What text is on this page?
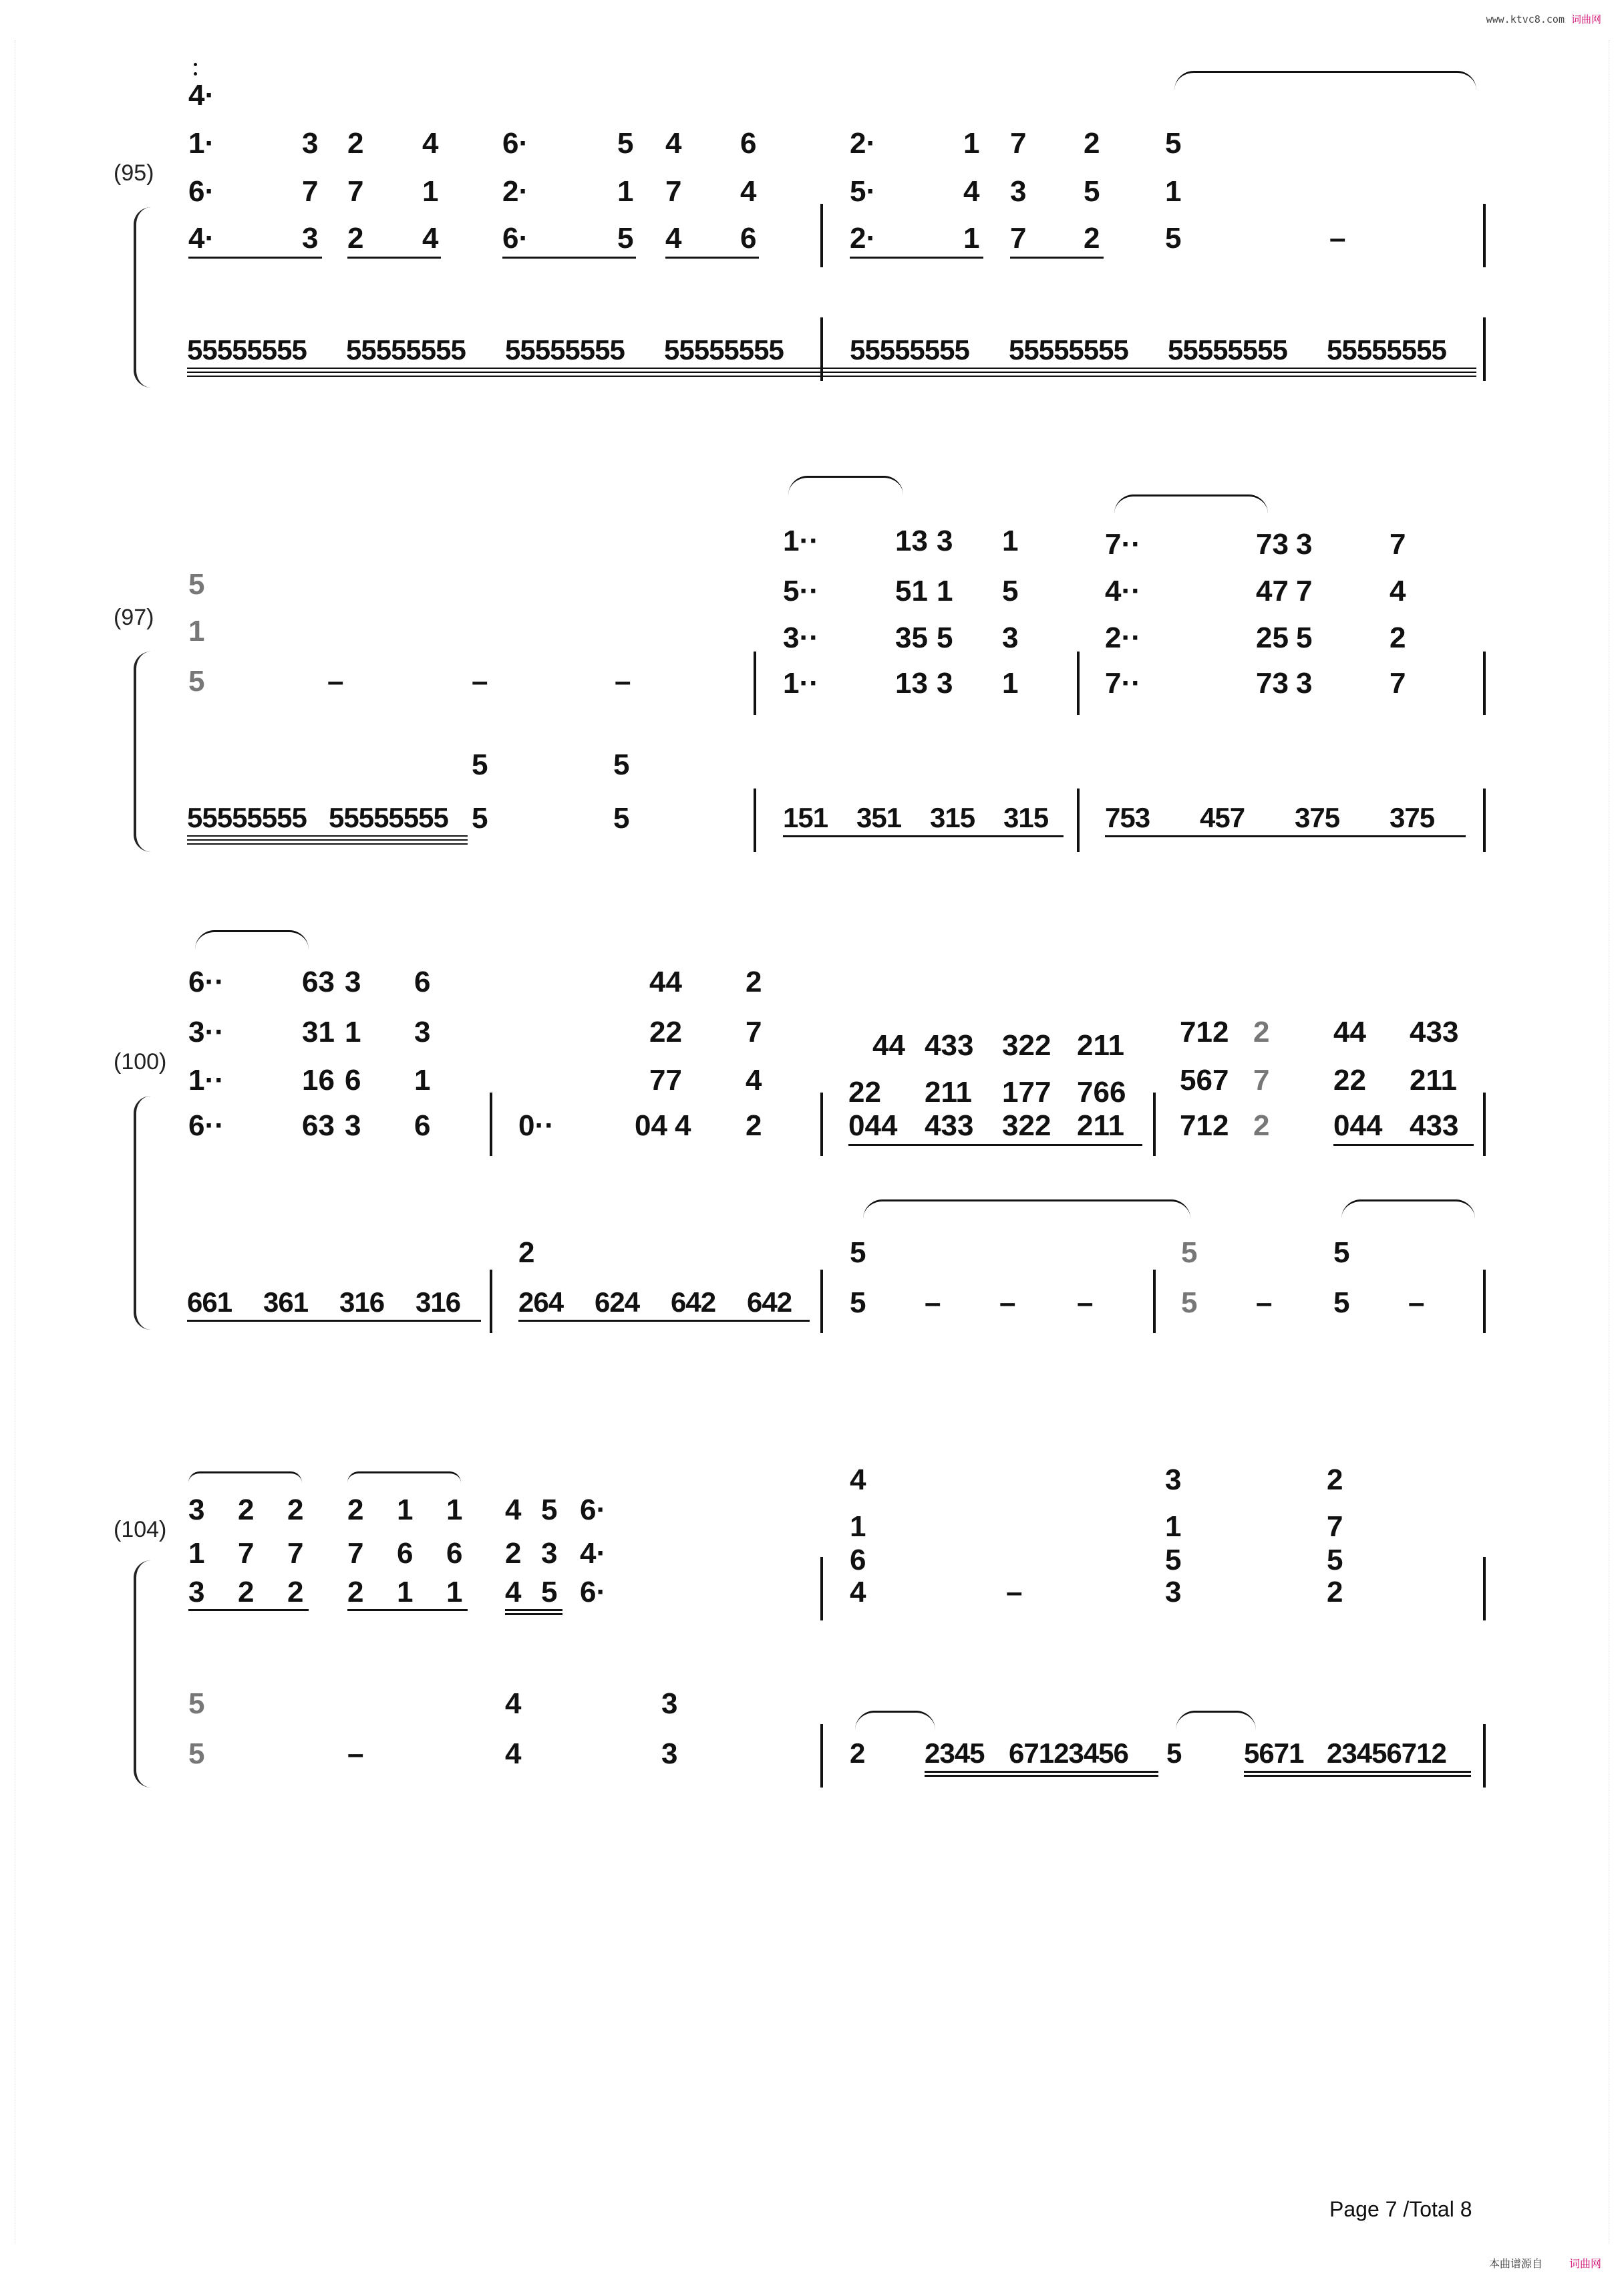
www.ktvc8.com 词曲网
(95)
4·
1·	3 2 4 6·	5 4 6	2·	1 7 2 5
6·	7 7 1 2·	1 7 4	5·	4 3 5 1
4·	3 2 4 6·	5 4 6	2·	1 7 2 5	–
55555555 55555555 55555555 55555555 55555555 55555555 55555555 55555555
(97)
5
1
5	–	–	–
1··	13 3 1
5··	51 1 5
3··	35 5 3
1··	13 3 1
7··	73 3	7
4··	47 7	4
2··	25 5	2
7··	73 3	7
55555555 55555555
5
5
5
5	151 351 315 315 753 457 375 375
(100)
6··	63 3 6
3··	31 1 3
1··	16 6 1
6··	63 3 6
44 2
22 7
77 4
0··	04 4 2
44 433 322 211
22 211 177 766
044 433 322 211
712 2
567 7
712 2
44 433
22 211
044 433
661 361 316 316
2
264 624 642 642
5
5 – – –
5
5 –
5
5 –
(104)
3 2 2 2 1 1 4 5 6·
1 7 7 7 6 6 2 3 4·
3 2 2 2 1 1 4 5 6·
4	3	2
1	1	7
6	5	5
4	–	3	2
5
5	–
4
4
3
3	2 2345 67123456 5 5671 23456712
Page 7 /Total 8
本曲谱源自	词曲网
